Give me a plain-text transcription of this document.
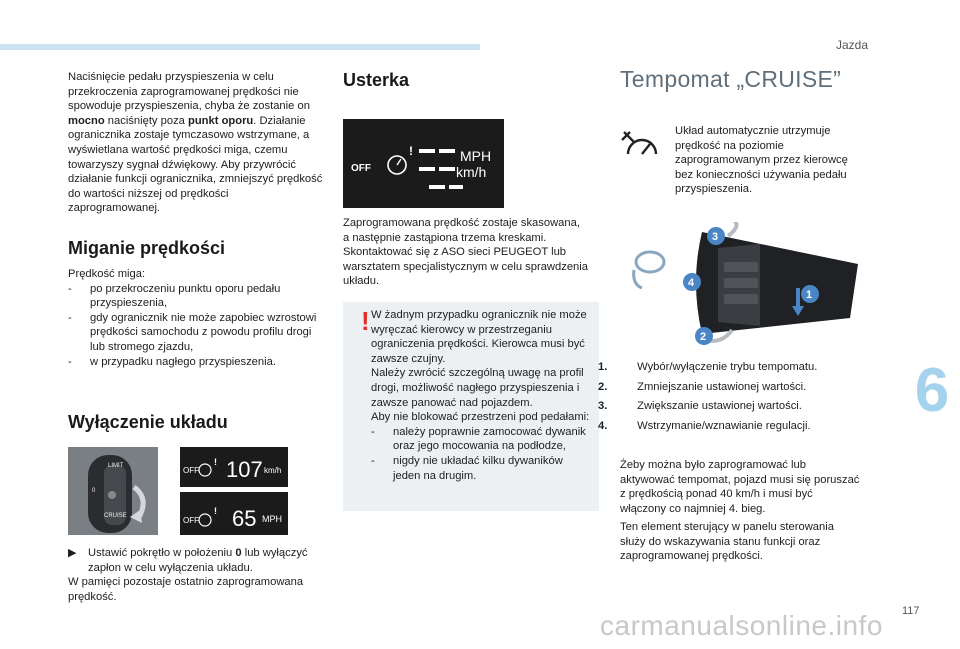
Jazda

Naciśnięcie pedału przyspieszenia w celu przekroczenia zaprogramowanej prędkości nie spowoduje przyspieszenia, chyba że zostanie on mocno naciśnięty poza punkt oporu. Działanie ogranicznika zostaje tymczasowo wstrzymane, a wyświetlana wartość prędkości miga, czemu towarzyszy sygnał dźwiękowy. Aby przywrócić działanie funkcji ogranicznika, zmniejszyć prędkość do wartości niższej od prędkości zaprogramowanej.

Miganie prędkości

Prędkość miga:

- po przekroczeniu punktu oporu pedału przyspieszenia,
- gdy ogranicznik nie może zapobiec wzrostowi prędkości samochodu z powodu profilu drogi lub stromego zjazdu,
- w przypadku nagłego przyspieszenia.
Wyłączenie układu
LIMIT
CRUISE
0
OFF
! 107 km/h
OFF
! 65 MPH

▶ Ustawić pokrętło w położeniu 0 lub wyłączyć zapłon w celu wyłączenia układu.

W pamięci pozostaje ostatnio zaprogramowana prędkość.

Usterka
OFF
!	MPH
km/h

Zaprogramowana prędkość zostaje skasowana,

a następnie zastąpiona trzema kreskami.

Skontaktować się z ASO sieci PEUGEOT lub warsztatem specjalistycznym w celu sprawdzenia układu.

! W żadnym przypadku ogranicznik nie może wyręczać kierowcy w przestrzeganiu ograniczenia prędkości. Kierowca musi być zawsze czujny.

Należy zwrócić szczególną uwagę na profil drogi, możliwość nagłego przyspieszenia i zawsze panować nad pojazdem.

Aby nie blokować przestrzeni pod pedałami:

- należy poprawnie zamocować dywanik oraz jego mocowania na podłodze,
- nigdy nie układać kilku dywaników jeden na drugim.
Tempomat „CRUISE”

Układ automatycznie utrzymuje prędkość na poziomie zaprogramowanym przez kierowcę bez konieczności używania pedału przyspieszenia.

3
4
1
2
1.	Wybór/wyłączenie trybu tempomatu.
2.	Zmniejszanie ustawionej wartości.
3.	Zwiększanie ustawionej wartości.
4.	Wstrzymanie/wznawianie regulacji.

Żeby można było zaprogramować lub aktywować tempomat, pojazd musi się poruszać z prędkością ponad 40 km/h i musi być włączony co najmniej 4. bieg.

Ten element sterujący w panelu sterowania służy do wskazywania stanu funkcji oraz zaprogramowanej prędkości.

6
117
carmanualsonline.info
